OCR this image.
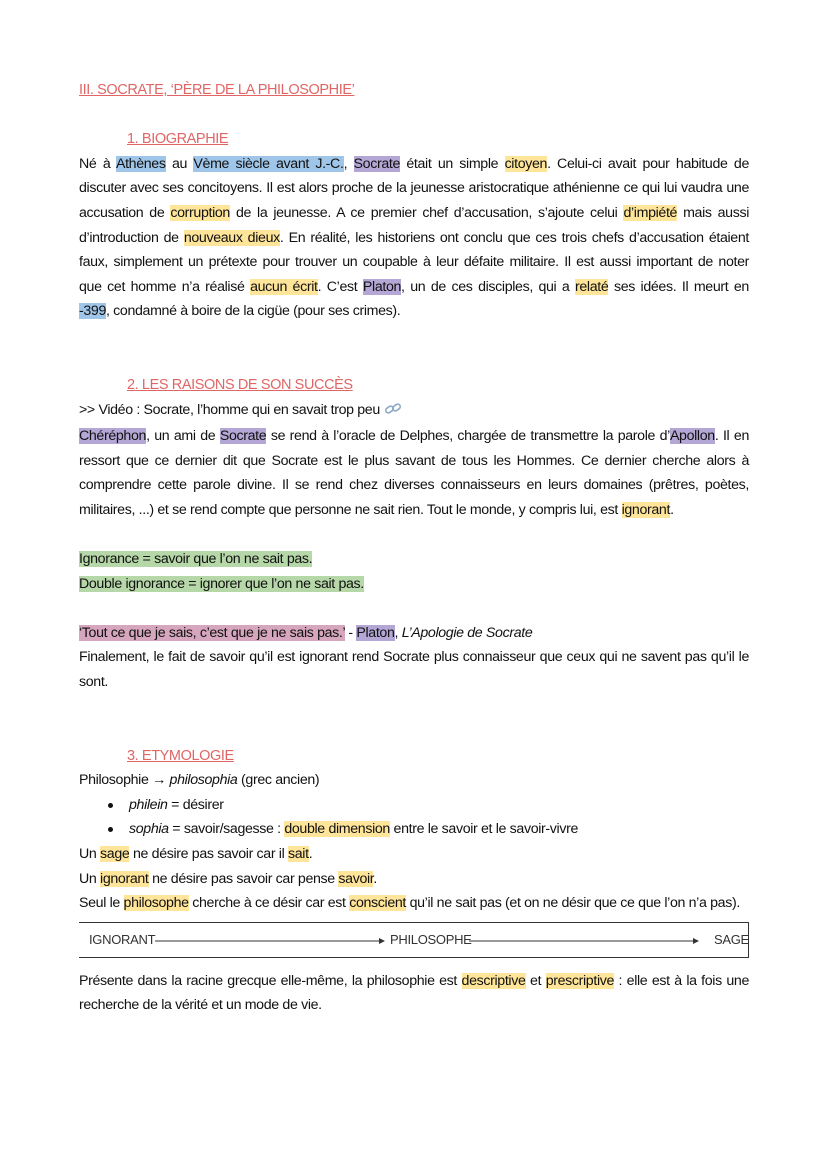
III. SOCRATE, ‘PÈRE DE LA PHILOSOPHIE’
1. BIOGRAPHIE
Né à Athènes au Vème siècle avant J.-C., Socrate était un simple citoyen. Celui-ci avait pour habitude de
discuter avec ses concitoyens. Il est alors proche de la jeunesse aristocratique athénienne ce qui lui vaudra une
accusation de corruption de la jeunesse. A ce premier chef d’accusation, s’ajoute celui d’impiété mais aussi
d’introduction de nouveaux dieux. En réalité, les historiens ont conclu que ces trois chefs d’accusation étaient
faux, simplement un prétexte pour trouver un coupable à leur défaite militaire. Il est aussi important de noter
que cet homme n’a réalisé aucun écrit. C’est Platon, un de ces disciples, qui a relaté ses idées. Il meurt en
-399, condamné à boire de la cigüe (pour ses crimes).
2. LES RAISONS DE SON SUCCÈS
>> Vidéo : Socrate, l’homme qui en savait trop peu
Chéréphon, un ami de Socrate se rend à l’oracle de Delphes, chargée de transmettre la parole d’Apollon. Il en
ressort que ce dernier dit que Socrate est le plus savant de tous les Hommes. Ce dernier cherche alors à
comprendre cette parole divine. Il se rend chez diverses connaisseurs en leurs domaines (prêtres, poètes,
militaires, ...) et se rend compte que personne ne sait rien. Tout le monde, y compris lui, est ignorant.
Ignorance = savoir que l’on ne sait pas.
Double ignorance = ignorer que l’on ne sait pas.
‘Tout ce que je sais, c’est que je ne sais pas.’ - Platon, L’Apologie de Socrate
Finalement, le fait de savoir qu’il est ignorant rend Socrate plus connaisseur que ceux qui ne savent pas qu’il le
sont.
3. ETYMOLOGIE
Philosophie → philosophia (grec ancien)
philein = désirer
sophia = savoir/sagesse : double dimension entre le savoir et le savoir-vivre
Un sage ne désire pas savoir car il sait.
Un ignorant ne désire pas savoir car pense savoir.
Seul le philosophe cherche à ce désir car est conscient qu’il ne sait pas (et on ne désir que ce que l’on n’a pas).
IGNORANT	PHILOSOPHE	SAGE
Présente dans la racine grecque elle-même, la philosophie est descriptive et prescriptive : elle est à la fois une
recherche de la vérité et un mode de vie.
